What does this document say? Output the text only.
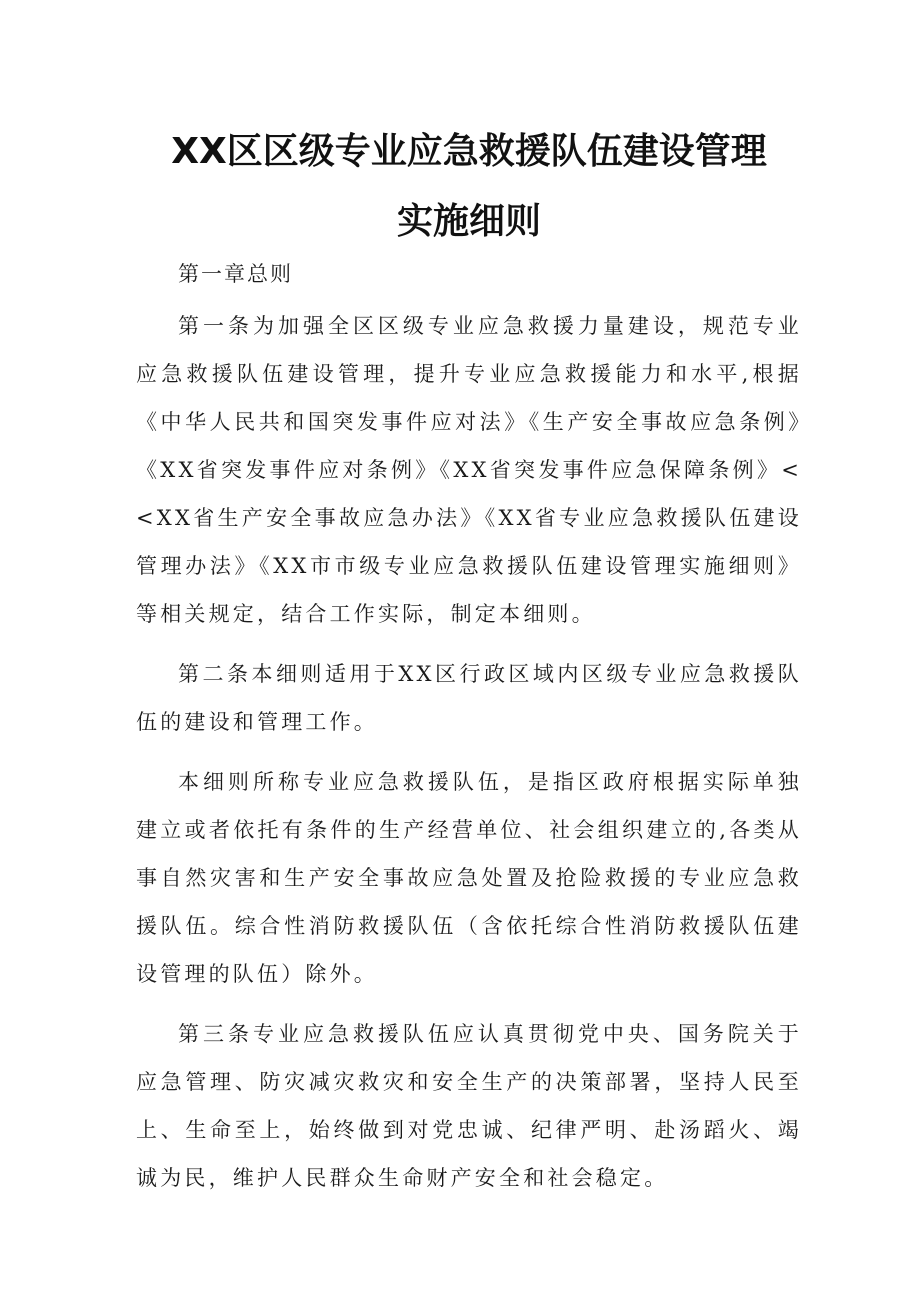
XX区区级专业应急救援队伍建设管理
实施细则

第一章总则

第一条为加强全区区级专业应急救援力量建设，规范专业应急救援队伍建设管理，提升专业应急救援能力和水平,根据《中华人民共和国突发事件应对法》《生产安全事故应急条例》《XX省突发事件应对条例》《XX省突发事件应急保障条例》<<XX省生产安全事故应急办法》《XX省专业应急救援队伍建设管理办法》《XX市市级专业应急救援队伍建设管理实施细则》等相关规定，结合工作实际，制定本细则。

第二条本细则适用于XX区行政区域内区级专业应急救援队伍的建设和管理工作。

本细则所称专业应急救援队伍，是指区政府根据实际单独建立或者依托有条件的生产经营单位、社会组织建立的,各类从事自然灾害和生产安全事故应急处置及抢险救援的专业应急救援队伍。综合性消防救援队伍（含依托综合性消防救援队伍建设管理的队伍）除外。

第三条专业应急救援队伍应认真贯彻党中央、国务院关于应急管理、防灾减灾救灾和安全生产的决策部署，坚持人民至上、生命至上，始终做到对党忠诚、纪律严明、赴汤蹈火、竭诚为民，维护人民群众生命财产安全和社会稳定。
